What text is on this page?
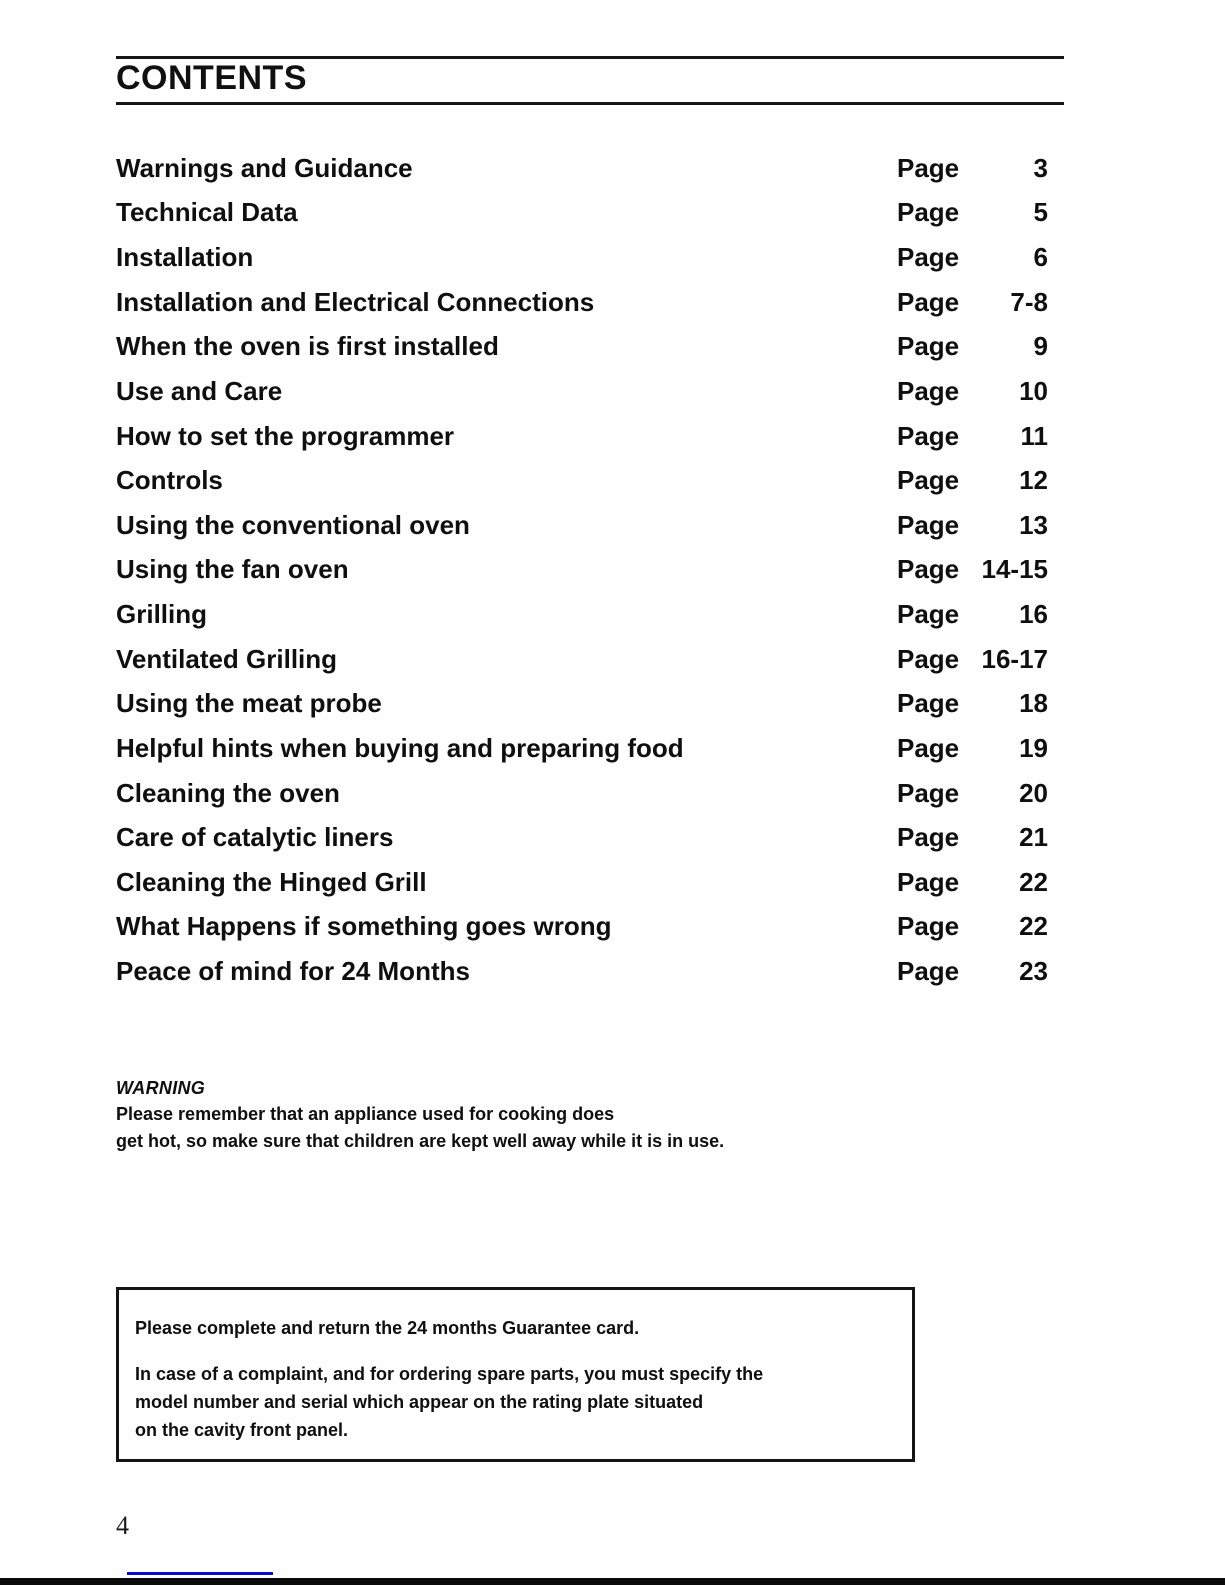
CONTENTS
Warnings and Guidance	Page	3
Technical Data	Page	5
Installation	Page	6
Installation and Electrical Connections	Page 7-8
When the oven is first installed	Page	9
Use and Care	Page 10
How to set the programmer	Page 11
Controls	Page 12
Using the conventional oven	Page 13
Using the fan oven	Page 14-15
Grilling	Page 16
Ventilated Grilling	Page 16-17
Using the meat probe	Page 18
Helpful hints when buying and preparing food	Page 19
Cleaning the oven	Page 20
Care of catalytic liners	Page 21
Cleaning the Hinged Grill	Page 22
What Happens if something goes wrong	Page 22
Peace of mind for 24 Months	Page 23
WARNING
Please remember that an appliance used for cooking does
get hot, so make sure that children are kept well away while it is in use.
Please complete and return the 24 months Guarantee card.
In case of a complaint, and for ordering spare parts, you must specify the
model number and serial which appear on the rating plate situated
on the cavity front panel.
4
